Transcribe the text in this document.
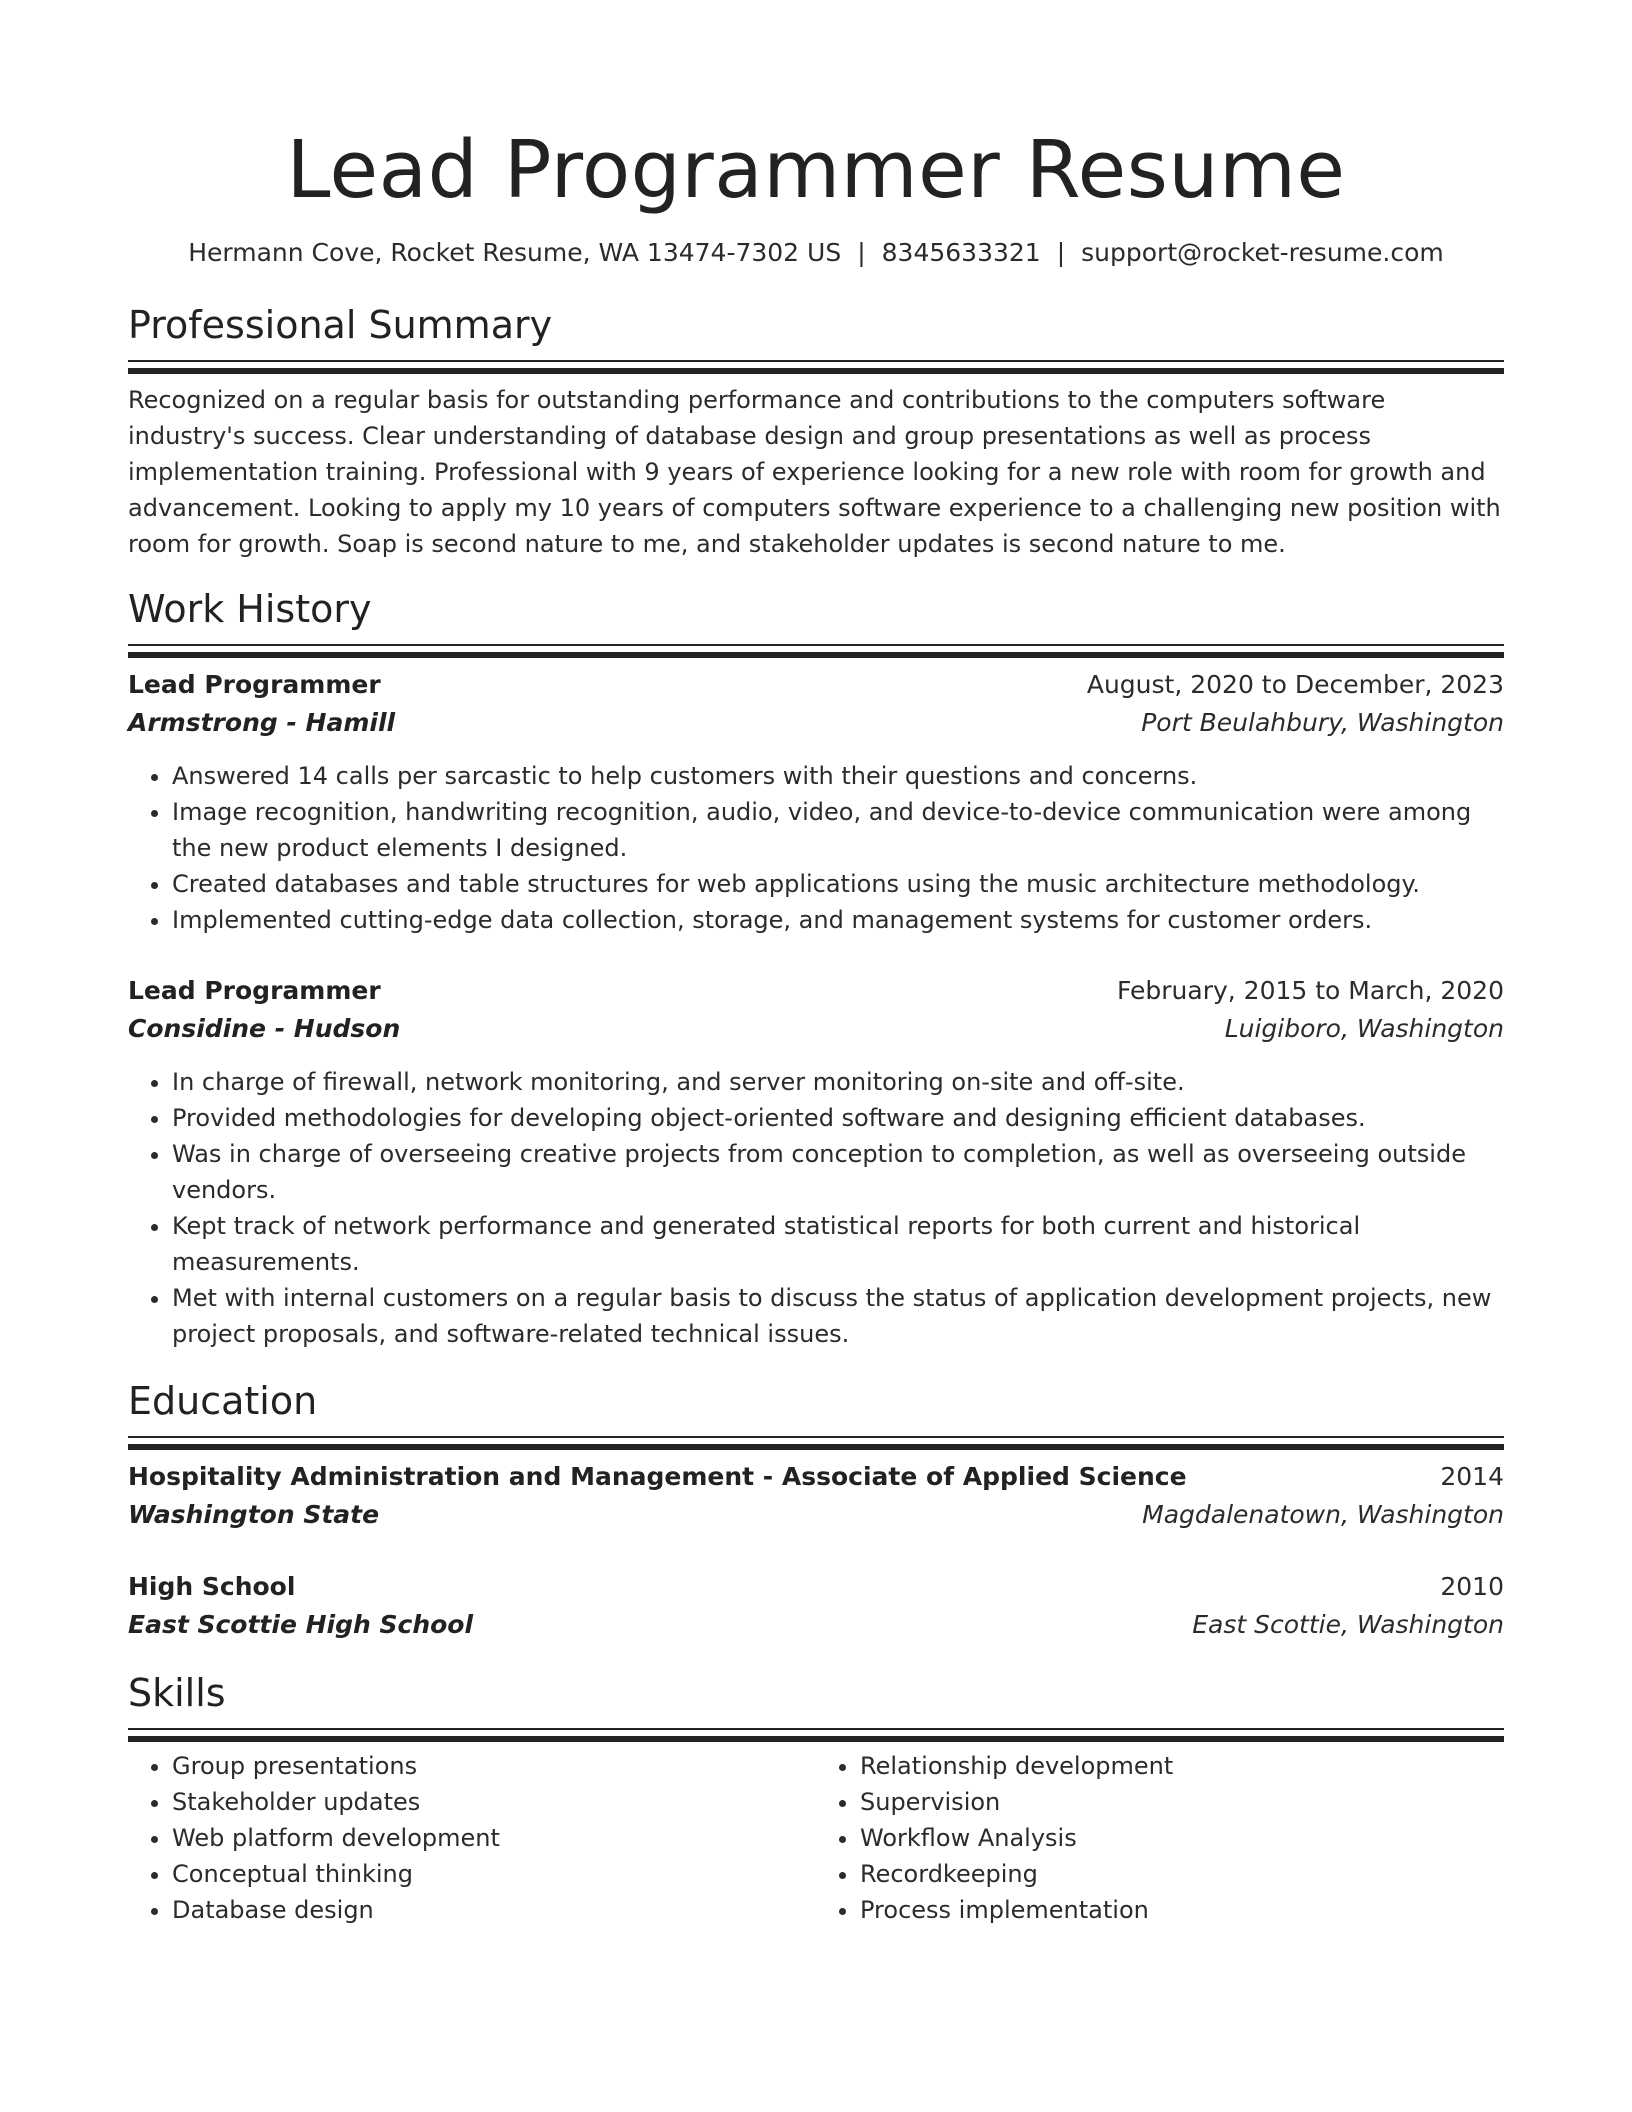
Lead Programmer Resume
Hermann Cove, Rocket Resume, WA 13474-7302 US | 8345633321 | support@rocket-resume.com
Professional Summary

Recognized on a regular basis for outstanding performance and contributions to the computers software industry's success. Clear understanding of database design and group presentations as well as process implementation training. Professional with 9 years of experience looking for a new role with room for growth and advancement. Looking to apply my 10 years of computers software experience to a challenging new position with room for growth. Soap is second nature to me, and stakeholder updates is second nature to me.

Work History
Lead Programmer	August, 2020 to December, 2023
Armstrong - Hamill	Port Beulahbury, Washington
• Answered 14 calls per sarcastic to help customers with their questions and concerns.
• Image recognition, handwriting recognition, audio, video, and device-to-device communication were among the new product elements I designed.
• Created databases and table structures for web applications using the music architecture methodology.
• Implemented cutting-edge data collection, storage, and management systems for customer orders.
Lead Programmer	February, 2015 to March, 2020
Considine - Hudson	Luigiboro, Washington
• In charge of firewall, network monitoring, and server monitoring on-site and off-site.
• Provided methodologies for developing object-oriented software and designing efficient databases.
• Was in charge of overseeing creative projects from conception to completion, as well as overseeing outside vendors.
• Kept track of network performance and generated statistical reports for both current and historical measurements.
• Met with internal customers on a regular basis to discuss the status of application development projects, new project proposals, and software-related technical issues.
Education
Hospitality Administration and Management - Associate of Applied Science	2014
Washington State	Magdalenatown, Washington
High School	2010
East Scottie High School	East Scottie, Washington
Skills
• Group presentations
• Stakeholder updates
• Web platform development
• Conceptual thinking
• Database design
• Relationship development
• Supervision
• Workflow Analysis
• Recordkeeping
• Process implementation
